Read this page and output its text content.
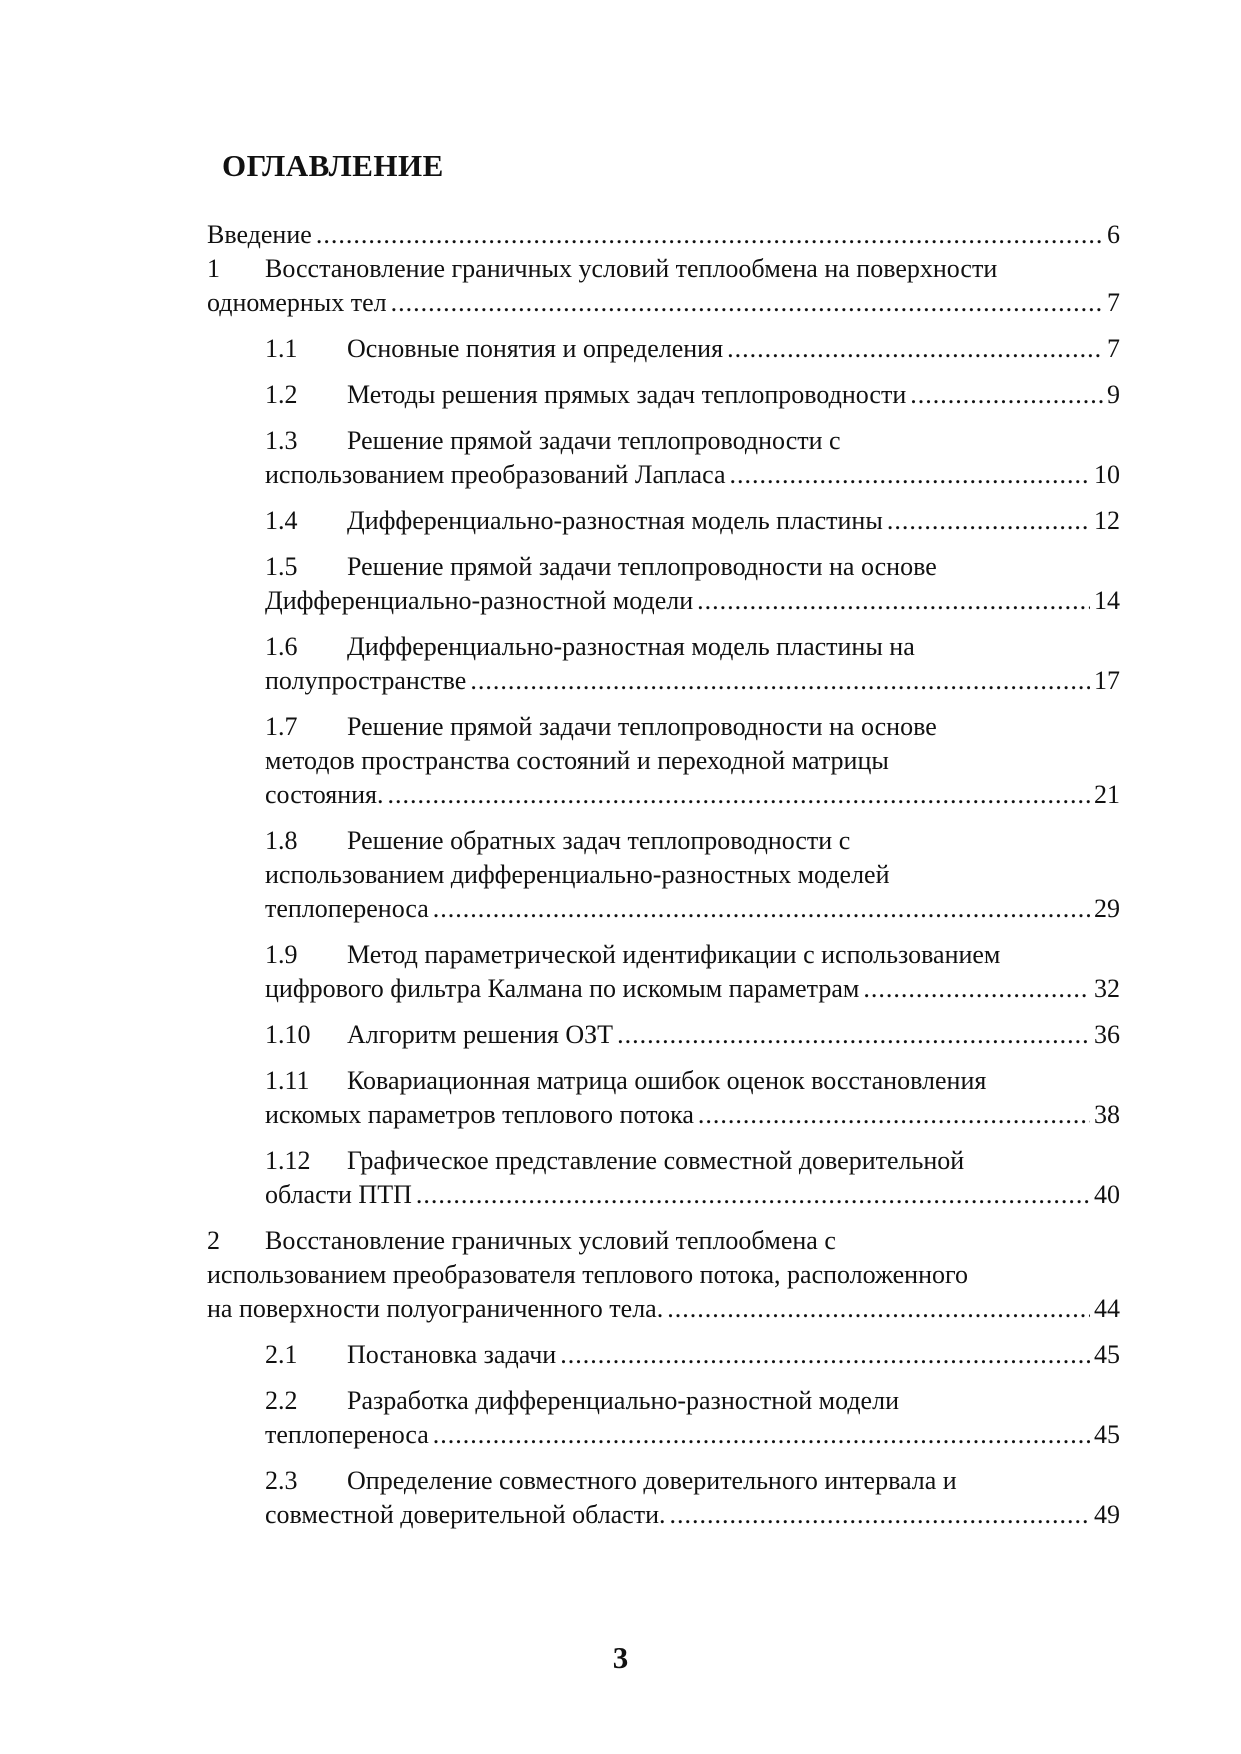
ОГЛАВЛЕНИЕ
Введение .....	6
1 Восстановление граничных условий теплообмена на поверхности
одномерных тел .....	7
1.1 Основные понятия и определения .....	7
1.2 Методы решения прямых задач теплопроводности .....	9
1.3 Решение прямой задачи теплопроводности с
использованием преобразований Лапласа .....	10
1.4 Дифференциально-разностная модель пластины .....	12
1.5 Решение прямой задачи теплопроводности на основе
Дифференциально-разностной модели .....	14
1.6 Дифференциально-разностная модель пластины на
полупространстве .....	17
1.7 Решение прямой задачи теплопроводности на основе
методов пространства состояний и переходной матрицы
состояния. .....	21
1.8 Решение обратных задач теплопроводности с
использованием дифференциально-разностных моделей
теплопереноса .....	29
1.9 Метод параметрической идентификации с использованием
цифрового фильтра Калмана по искомым параметрам .....	32
1.10 Алгоритм решения ОЗТ .....	36
1.11 Ковариационная матрица ошибок оценок восстановления
искомых параметров теплового потока .....	38
1.12 Графическое представление совместной доверительной
области ПТП .....	40
2 Восстановление граничных условий теплообмена с
использованием преобразователя теплового потока, расположенного
на поверхности полуограниченного тела. .....	44
2.1 Постановка задачи .....	45
2.2 Разработка дифференциально-разностной модели
теплопереноса .....	45
2.3 Определение совместного доверительного интервала и
совместной доверительной области. .....	49
3
